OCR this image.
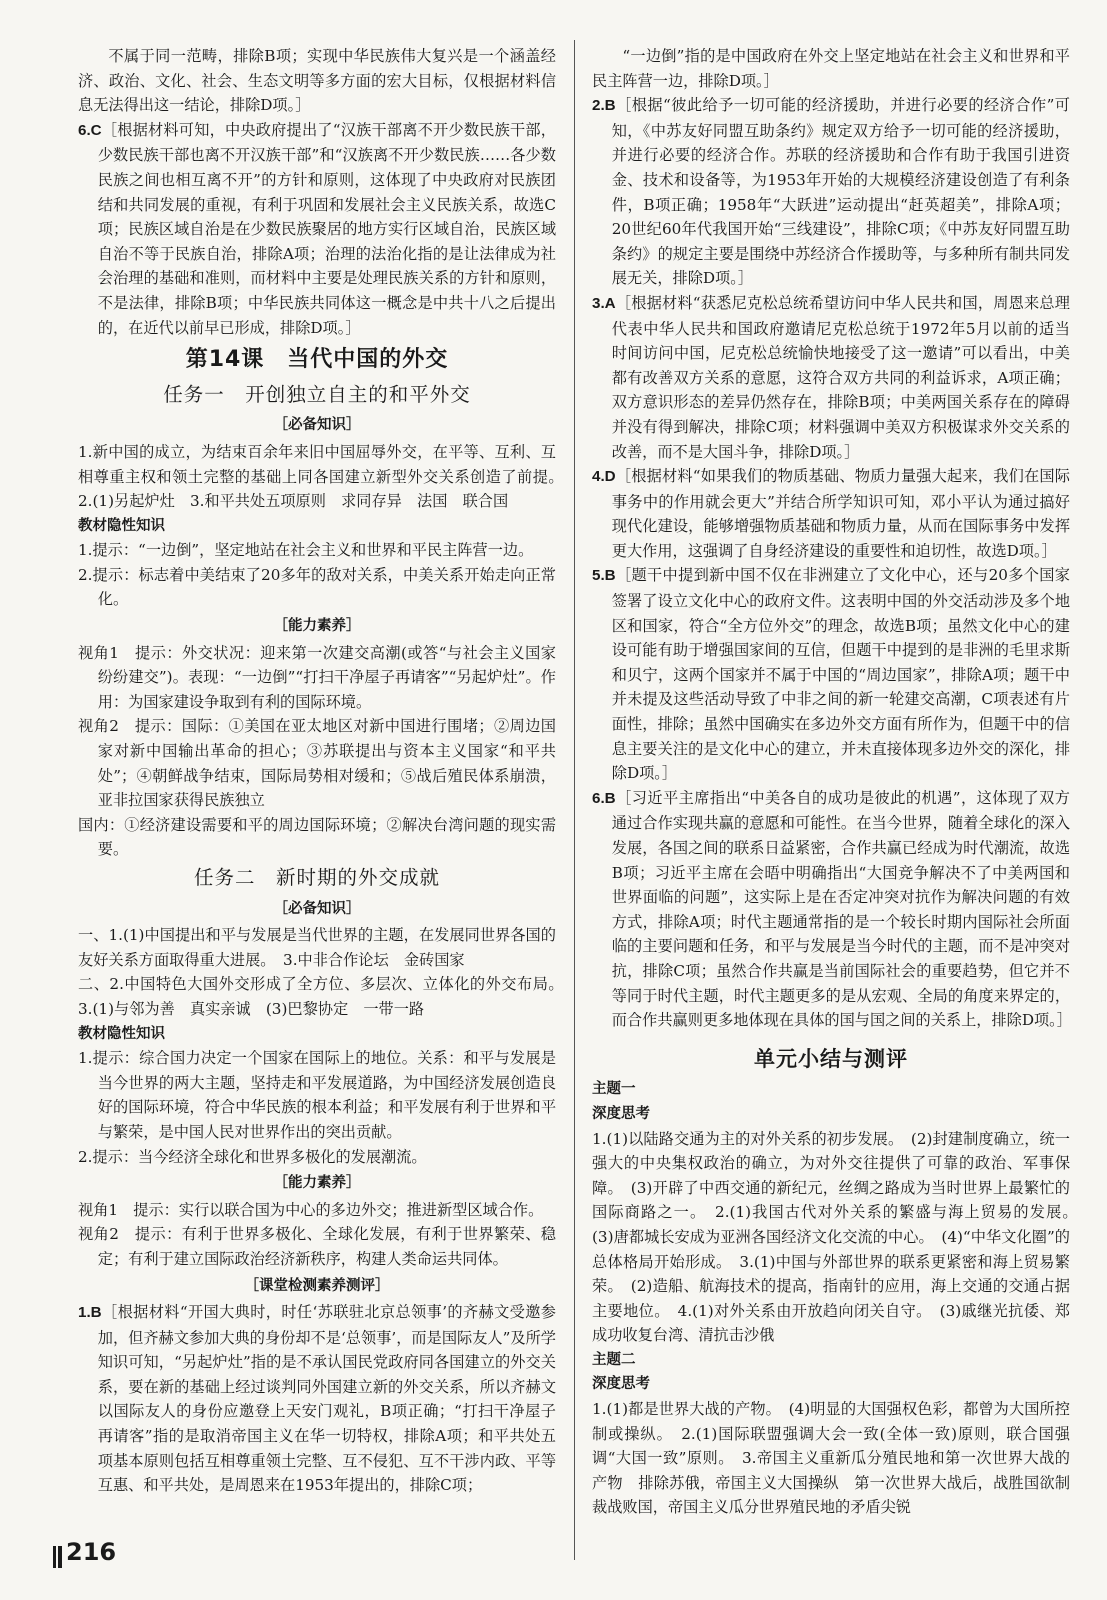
不属于同一范畴，排除B项；实现中华民族伟大复兴是一个涵盖经济、政治、文化、社会、生态文明等多方面的宏大目标，仅根据材料信息无法得出这一结论，排除D项。］

6.C［根据材料可知，中央政府提出了“汉族干部离不开少数民族干部，少数民族干部也离不开汉族干部”和“汉族离不开少数民族……各少数民族之间也相互离不开”的方针和原则，这体现了中央政府对民族团结和共同发展的重视，有利于巩固和发展社会主义民族关系，故选C项；民族区域自治是在少数民族聚居的地方实行区域自治，民族区域自治不等于民族自治，排除A项；治理的法治化指的是让法律成为社会治理的基础和准则，而材料中主要是处理民族关系的方针和原则，不是法律，排除B项；中华民族共同体这一概念是中共十八之后提出的，在近代以前早已形成，排除D项。］

第14课　当代中国的外交
任务一　开创独立自主的和平外交
［必备知识］

1.新中国的成立，为结束百余年来旧中国屈辱外交，在平等、互利、互相尊重主权和领土完整的基础上同各国建立新型外交关系创造了前提。　2.(1)另起炉灶　3.和平共处五项原则　求同存异　法国　联合国

教材隐性知识

1.提示：“一边倒”，坚定地站在社会主义和世界和平民主阵营一边。

2.提示：标志着中美结束了20多年的敌对关系，中美关系开始走向正常化。

［能力素养］

视角1　提示：外交状况：迎来第一次建交高潮(或答“与社会主义国家纷纷建交”)。表现：“一边倒”“打扫干净屋子再请客”“另起炉灶”。作用：为国家建设争取到有利的国际环境。

视角2　提示：国际：①美国在亚太地区对新中国进行围堵；②周边国家对新中国输出革命的担心；③苏联提出与资本主义国家“和平共处”；④朝鲜战争结束，国际局势相对缓和；⑤战后殖民体系崩溃，亚非拉国家获得民族独立

国内：①经济建设需要和平的周边国际环境；②解决台湾问题的现实需要。

任务二　新时期的外交成就
［必备知识］

一、1.(1)中国提出和平与发展是当代世界的主题，在发展同世界各国的友好关系方面取得重大进展。　3.中非合作论坛　金砖国家

二、2.中国特色大国外交形成了全方位、多层次、立体化的外交布局。　3.(1)与邻为善　真实亲诚　(3)巴黎协定　一带一路

教材隐性知识

1.提示：综合国力决定一个国家在国际上的地位。关系：和平与发展是当今世界的两大主题，坚持走和平发展道路，为中国经济发展创造良好的国际环境，符合中华民族的根本利益；和平发展有利于世界和平与繁荣，是中国人民对世界作出的突出贡献。

2.提示：当今经济全球化和世界多极化的发展潮流。

［能力素养］

视角1　提示：实行以联合国为中心的多边外交；推进新型区域合作。

视角2　提示：有利于世界多极化、全球化发展，有利于世界繁荣、稳定；有利于建立国际政治经济新秩序，构建人类命运共同体。

［课堂检测素养测评］

1.B［根据材料“开国大典时，时任‘苏联驻北京总领事’的齐赫文受邀参加，但齐赫文参加大典的身份却不是‘总领事’，而是国际友人”及所学知识可知，“另起炉灶”指的是不承认国民党政府同各国建立的外交关系，要在新的基础上经过谈判同外国建立新的外交关系，所以齐赫文以国际友人的身份应邀登上天安门观礼，B项正确；“打扫干净屋子再请客”指的是取消帝国主义在华一切特权，排除A项；和平共处五项基本原则包括互相尊重领土完整、互不侵犯、互不干涉内政、平等互惠、和平共处，是周恩来在1953年提出的，排除C项；

“一边倒”指的是中国政府在外交上坚定地站在社会主义和世界和平民主阵营一边，排除D项。］

2.B［根据“彼此给予一切可能的经济援助，并进行必要的经济合作”可知，《中苏友好同盟互助条约》规定双方给予一切可能的经济援助，并进行必要的经济合作。苏联的经济援助和合作有助于我国引进资金、技术和设备等，为1953年开始的大规模经济建设创造了有利条件，B项正确；1958年“大跃进”运动提出“赶英超美”，排除A项；20世纪60年代我国开始“三线建设”，排除C项；《中苏友好同盟互助条约》的规定主要是围绕中苏经济合作援助等，与多种所有制共同发展无关，排除D项。］

3.A［根据材料“获悉尼克松总统希望访问中华人民共和国，周恩来总理代表中华人民共和国政府邀请尼克松总统于1972年5月以前的适当时间访问中国，尼克松总统愉快地接受了这一邀请”可以看出，中美都有改善双方关系的意愿，这符合双方共同的利益诉求，A项正确；双方意识形态的差异仍然存在，排除B项；中美两国关系存在的障碍并没有得到解决，排除C项；材料强调中美双方积极谋求外交关系的改善，而不是大国斗争，排除D项。］

4.D［根据材料“如果我们的物质基础、物质力量强大起来，我们在国际事务中的作用就会更大”并结合所学知识可知，邓小平认为通过搞好现代化建设，能够增强物质基础和物质力量，从而在国际事务中发挥更大作用，这强调了自身经济建设的重要性和迫切性，故选D项。］

5.B［题干中提到新中国不仅在非洲建立了文化中心，还与20多个国家签署了设立文化中心的政府文件。这表明中国的外交活动涉及多个地区和国家，符合“全方位外交”的理念，故选B项；虽然文化中心的建设可能有助于增强国家间的互信，但题干中提到的是非洲的毛里求斯和贝宁，这两个国家并不属于中国的“周边国家”，排除A项；题干中并未提及这些活动导致了中非之间的新一轮建交高潮，C项表述有片面性，排除；虽然中国确实在多边外交方面有所作为，但题干中的信息主要关注的是文化中心的建立，并未直接体现多边外交的深化，排除D项。］

6.B［习近平主席指出“中美各自的成功是彼此的机遇”，这体现了双方通过合作实现共赢的意愿和可能性。在当今世界，随着全球化的深入发展，各国之间的联系日益紧密，合作共赢已经成为时代潮流，故选B项；习近平主席在会晤中明确指出“大国竞争解决不了中美两国和世界面临的问题”，这实际上是在否定冲突对抗作为解决问题的有效方式，排除A项；时代主题通常指的是一个较长时期内国际社会所面临的主要问题和任务，和平与发展是当今时代的主题，而不是冲突对抗，排除C项；虽然合作共赢是当前国际社会的重要趋势，但它并不等同于时代主题，时代主题更多的是从宏观、全局的角度来界定的，而合作共赢则更多地体现在具体的国与国之间的关系上，排除D项。］

单元小结与测评
主题一
深度思考

1.(1)以陆路交通为主的对外关系的初步发展。　(2)封建制度确立，统一强大的中央集权政治的确立，为对外交往提供了可靠的政治、军事保障。　(3)开辟了中西交通的新纪元，丝绸之路成为当时世界上最繁忙的国际商路之一。　2.(1)我国古代对外关系的繁盛与海上贸易的发展。　(3)唐都城长安成为亚洲各国经济文化交流的中心。　(4)“中华文化圈”的总体格局开始形成。　3.(1)中国与外部世界的联系更紧密和海上贸易繁荣。　(2)造船、航海技术的提高，指南针的应用，海上交通的交通占据主要地位。　4.(1)对外关系由开放趋向闭关自守。　(3)戚继光抗倭、郑成功收复台湾、清抗击沙俄

主题二
深度思考

1.(1)都是世界大战的产物。　(4)明显的大国强权色彩，都曾为大国所控制或操纵。　2.(1)国际联盟强调大会一致(全体一致)原则，联合国强调“大国一致”原则。　3.帝国主义重新瓜分殖民地和第一次世界大战的产物　排除苏俄，帝国主义大国操纵　第一次世界大战后，战胜国欲制裁战败国，帝国主义瓜分世界殖民地的矛盾尖锐

216
